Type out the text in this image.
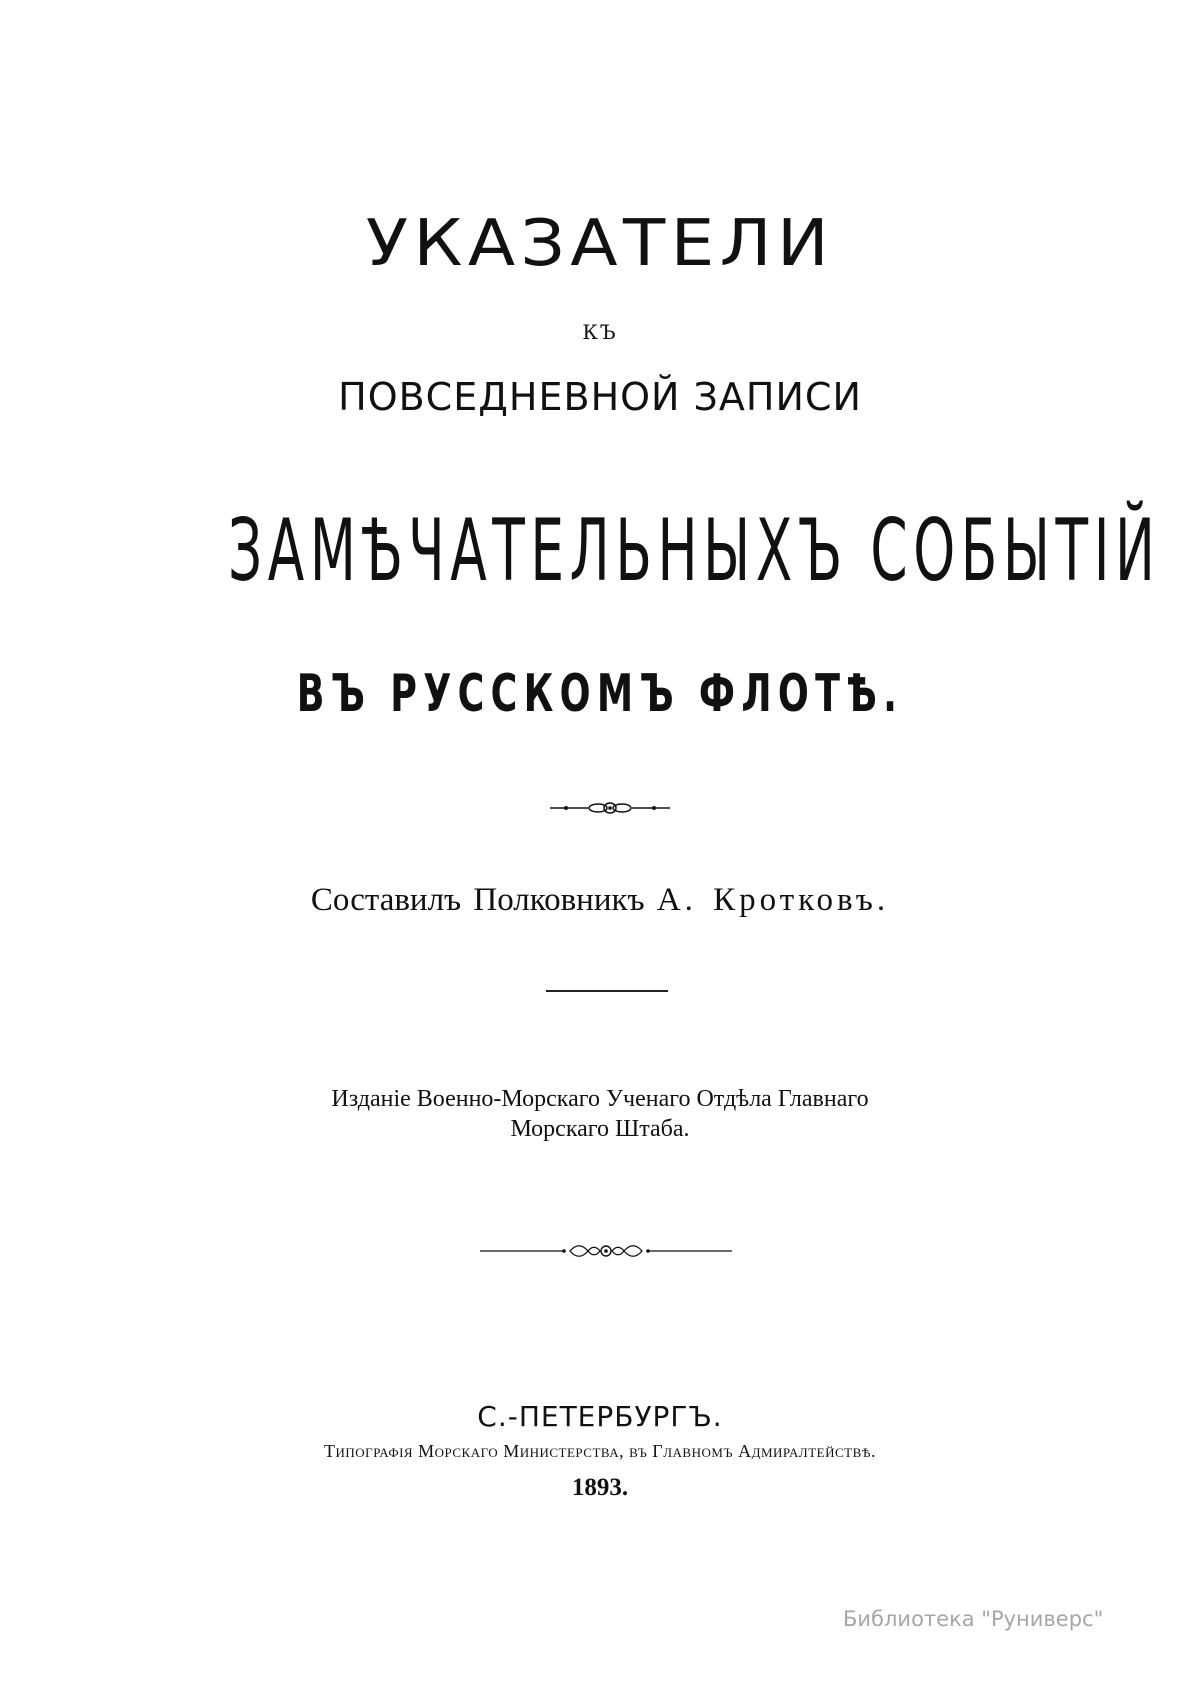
УКАЗАТЕЛИ
КЪ
ПОВСЕДНЕВНОЙ ЗАПИСИ
ЗАМѢЧАТЕЛЬНЫХЪ СОБЫТІЙ
ВЪ РУССКОМЪ ФЛОТѢ.
Составилъ Полковникъ А. Кротковъ.
Изданіе Военно-Морскаго Ученаго Отдѣла Главнаго
Морскаго Штаба.
С.-ПЕТЕРБУРГЪ.
Типографія Морскаго Министерства, въ Главномъ Адмиралтействѣ.
1893.
Библиотека "Руниверс"
